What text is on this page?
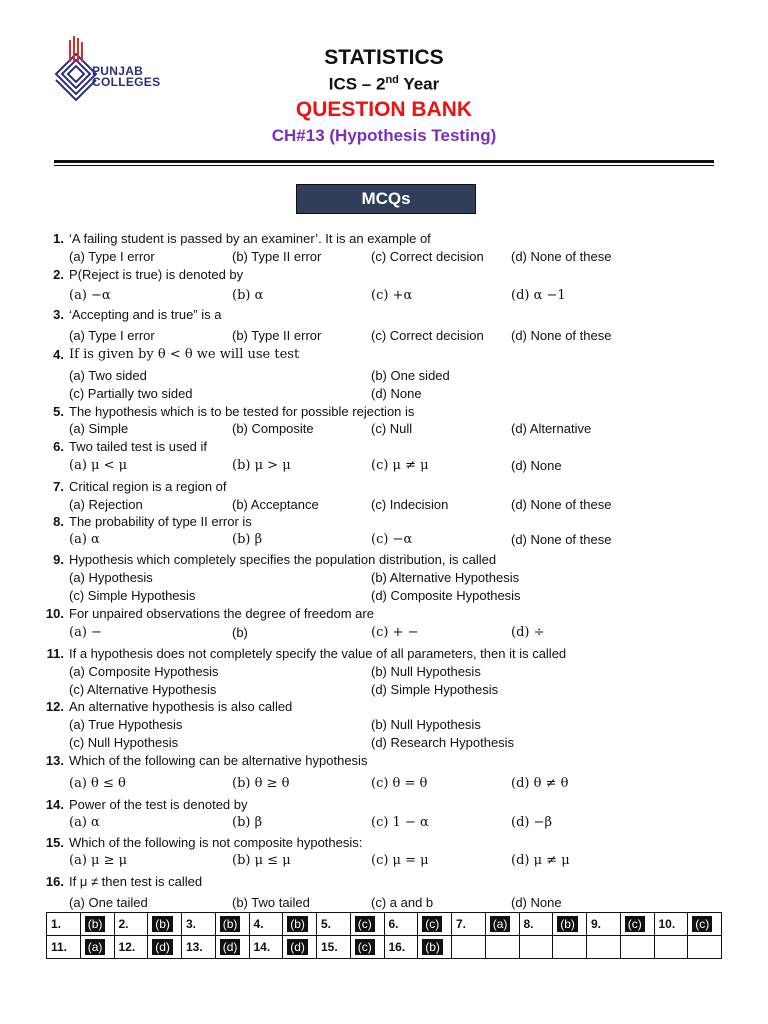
PUNJAB
COLLEGES
STATISTICS
ICS – 2nd Year
QUESTION BANK
CH#13 (Hypothesis Testing)
MCQs
1. ‘A failing student is passed by an examiner’. It is an example of
(a) Type I error	(b) Type II error	(c) Correct decision (d) None of these
2. P(Reject is true) is denoted by
(a) −α	(b) α	(c) +α	(d) α −1
3. ‘Accepting and is true” is a
(a) Type I error	(b) Type II error	(c) Correct decision (d) None of these
4. If is given by θ < θ we will use test
(a) Two sided	(b) One sided
(c) Partially two sided	(d) None
5. The hypothesis which is to be tested for possible rejection is
(a) Simple	(b) Composite	(c) Null	(d) Alternative
6. Two tailed test is used if
(a) μ < μ	(b) μ > μ	(c) μ ≠ μ	(d) None
7. Critical region is a region of
(a) Rejection	(b) Acceptance	(c) Indecision	(d) None of these
8. The probability of type II error is
(a) α	(b) β	(c) −α	(d) None of these
9. Hypothesis which completely specifies the population distribution, is called
(a) Hypothesis	(b) Alternative Hypothesis
(c) Simple Hypothesis	(d) Composite Hypothesis
10. For unpaired observations the degree of freedom are
(a) −	(b)	(c) + −	(d) ÷
11. If a hypothesis does not completely specify the value of all parameters, then it is called
(a) Composite Hypothesis	(b) Null Hypothesis
(c) Alternative Hypothesis	(d) Simple Hypothesis
12. An alternative hypothesis is also called
(a) True Hypothesis	(b) Null Hypothesis
(c) Null Hypothesis	(d) Research Hypothesis
13. Which of the following can be alternative hypothesis
(a) θ ≤ θ	(b) θ ≥ θ	(c) θ = θ	(d) θ ≠ θ
14. Power of the test is denoted by
(a) α	(b) β	(c) 1 − α	(d) −β
15. Which of the following is not composite hypothesis:
(a) μ ≥ μ	(b) μ ≤ μ	(c) μ = μ	(d) μ ≠ μ
16. If μ ≠ then test is called
(a) One tailed	(b) Two tailed	(c) a and b	(d) None
1.	(b)	2.	(b)	3.	(b)	4.	(b)	5.	(c)	6.	(c)	7.	(a)	8.	(b)	9.	(c)	10.	(c)
11.	(a)	12.	(d)	13.	(d)	14.	(d)	15.	(c)	16.	(b)								
